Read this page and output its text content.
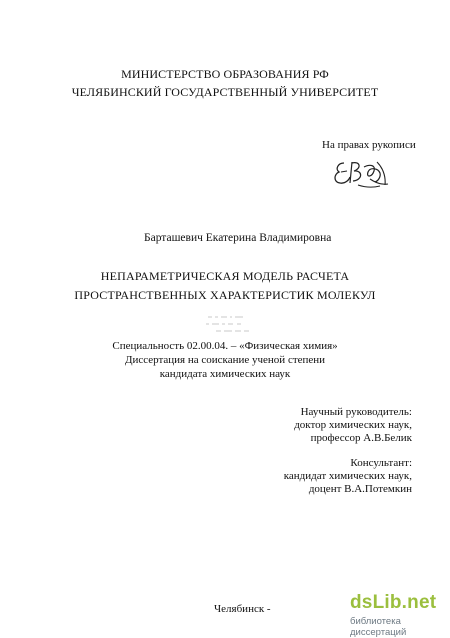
МИНИСТЕРСТВО ОБРАЗОВАНИЯ РФ
ЧЕЛЯБИНСКИЙ ГОСУДАРСТВЕННЫЙ УНИВЕРСИТЕТ
На правах рукописи
Барташевич Екатерина Владимировна
НЕПАРАМЕТРИЧЕСКАЯ МОДЕЛЬ РАСЧЕТА
ПРОСТРАНСТВЕННЫХ ХАРАКТЕРИСТИК МОЛЕКУЛ
Специальность 02.00.04. – «Физическая химия»
Диссертация на соискание ученой степени
кандидата химических наук
Научный руководитель:
доктор химических наук,
профессор А.В.Белик
Консультант:
кандидат химических наук,
доцент В.А.Потемкин
Челябинск -	dsLib.net
библиотека диссертаций
